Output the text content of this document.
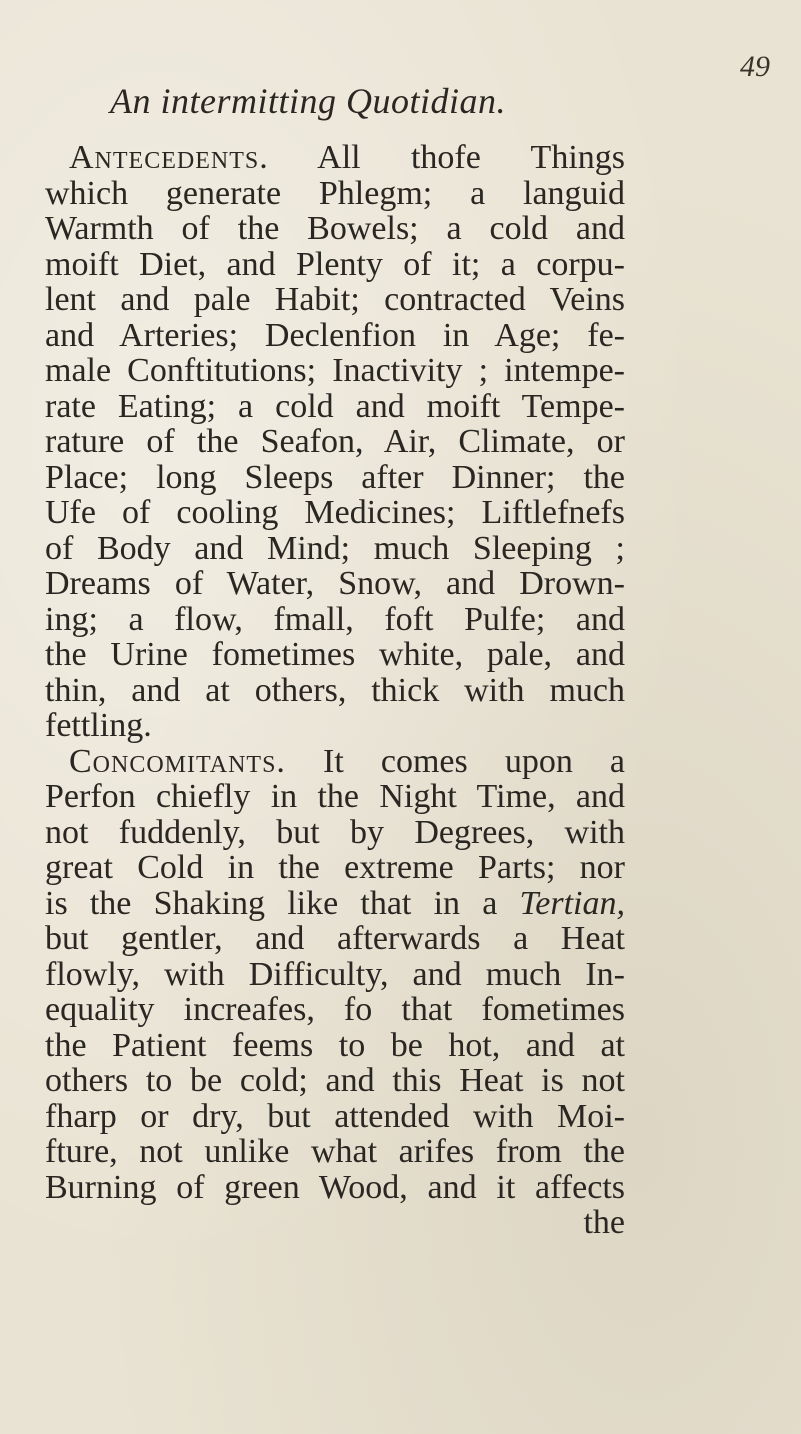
49
An intermitting Quotidian.
Antecedents. All thofe Things
which generate Phlegm; a languid
Warmth of the Bowels; a cold and
moift Diet, and Plenty of it; a corpu-
lent and pale Habit; contracted Veins
and Arteries; Declenfion in Age; fe-
male Conftitutions; Inactivity ; intempe-
rate Eating; a cold and moift Tempe-
rature of the Seafon, Air, Climate, or
Place; long Sleeps after Dinner; the
Ufe of cooling Medicines; Liftlefnefs
of Body and Mind; much Sleeping ;
Dreams of Water, Snow, and Drown-
ing; a flow, fmall, foft Pulfe; and
the Urine fometimes white, pale, and
thin, and at others, thick with much
fettling.
Concomitants. It comes upon a
Perfon chiefly in the Night Time, and
not fuddenly, but by Degrees, with
great Cold in the extreme Parts; nor
is the Shaking like that in a Tertian,
but gentler, and afterwards a Heat
flowly, with Difficulty, and much In-
equality increafes, fo that fometimes
the Patient feems to be hot, and at
others to be cold; and this Heat is not
fharp or dry, but attended with Moi-
fture, not unlike what arifes from the
Burning of green Wood, and it affects
the
